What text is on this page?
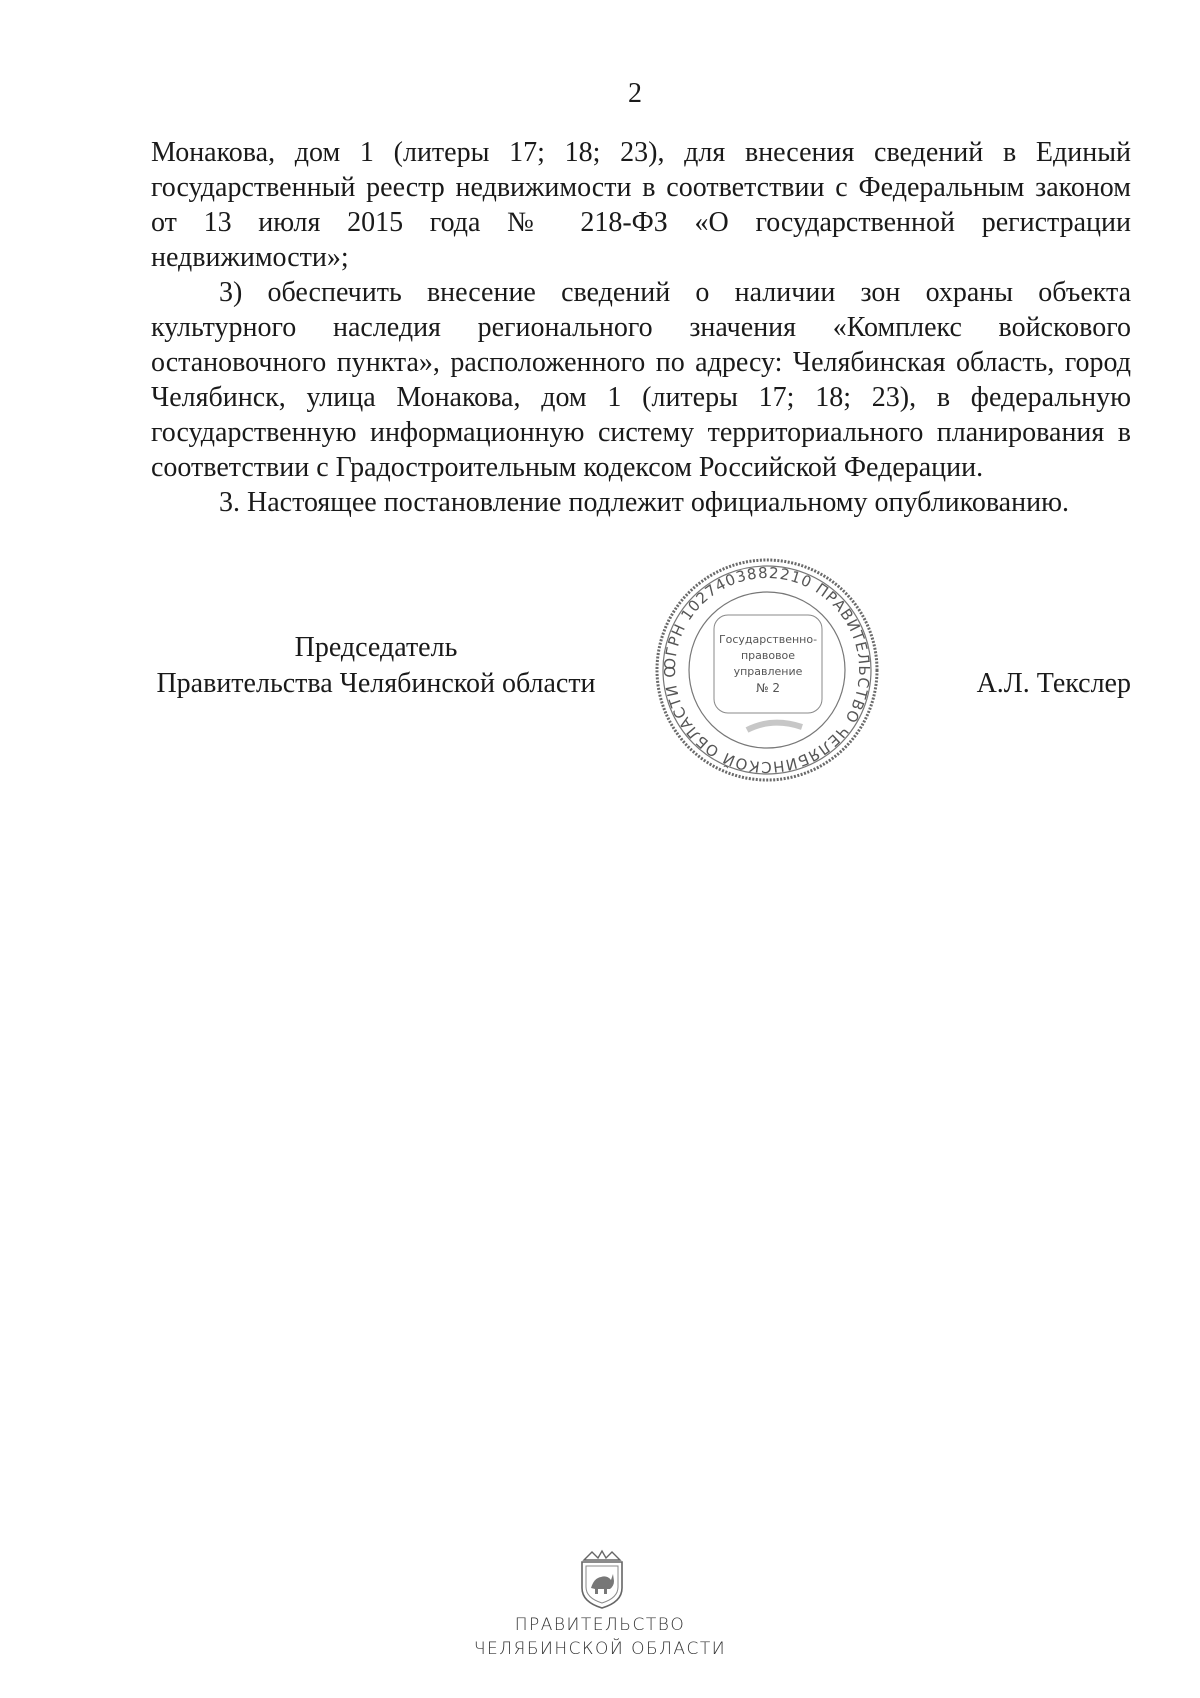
2

Монакова, дом 1 (литеры 17; 18; 23), для внесения сведений в Единый государственный реестр недвижимости в соответствии с Федеральным законом от 13 июля 2015 года № 218-ФЗ «О государственной регистрации недвижимости»;

3) обеспечить внесение сведений о наличии зон охраны объекта культурного наследия регионального значения «Комплекс войскового остановочного пункта», расположенного по адресу: Челябинская область, город Челябинск, улица Монакова, дом 1 (литеры 17; 18; 23), в федеральную государственную информационную систему территориального планирования в соответствии с Градостроительным кодексом Российской Федерации.

3. Настоящее постановление подлежит официальному опубликованию.

Председатель
Правительства Челябинской области	А.Л. Текслер
ОГРН 1027403882210 ПРАВИТЕЛЬСТВО ЧЕЛЯБИНСКОЙ ОБЛАСТИ О
Государственно-
правовое
управление
№ 2
ПРАВИТЕЛЬСТВО
ЧЕЛЯБИНСКОЙ ОБЛАСТИ
